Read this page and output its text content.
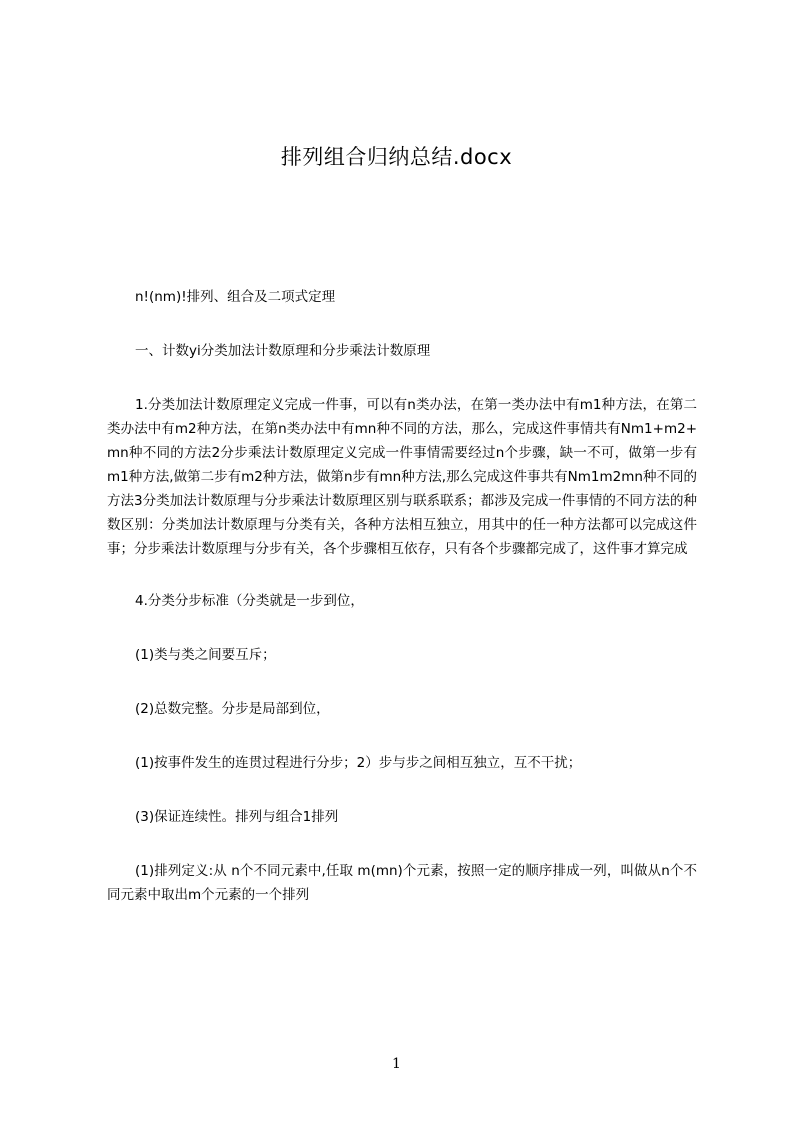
排列组合归纳总结.docx

n!(nm)!排列、组合及二项式定理

一、计数yi分类加法计数原理和分步乘法计数原理

1.分类加法计数原理定义完成一件事，可以有n类办法，在第一类办法中有m1种方法，在第二类办法中有m2种方法，在第n类办法中有mn种不同的方法，那么，完成这件事情共有Nm1+m2+mn种不同的方法2分步乘法计数原理定义完成一件事情需要经过n个步骤，缺一不可，做第一步有m1种方法,做第二步有m2种方法，做第n步有mn种方法,那么完成这件事共有Nm1m2mn种不同的方法3分类加法计数原理与分步乘法计数原理区别与联系联系；都涉及完成一件事情的不同方法的种数区别：分类加法计数原理与分类有关，各种方法相互独立，用其中的任一种方法都可以完成这件事；分步乘法计数原理与分步有关，各个步骤相互依存，只有各个步骤都完成了，这件事才算完成

4.分类分步标准（分类就是一步到位，

(1)类与类之间要互斥；

(2)总数完整。分步是局部到位，

(1)按事件发生的连贯过程进行分步；2）步与步之间相互独立，互不干扰；

(3)保证连续性。排列与组合1排列

(1)排列定义:从 n个不同元素中,任取 m(mn)个元素，按照一定的顺序排成一列，叫做从n个不同元素中取出m个元素的一个排列

1
